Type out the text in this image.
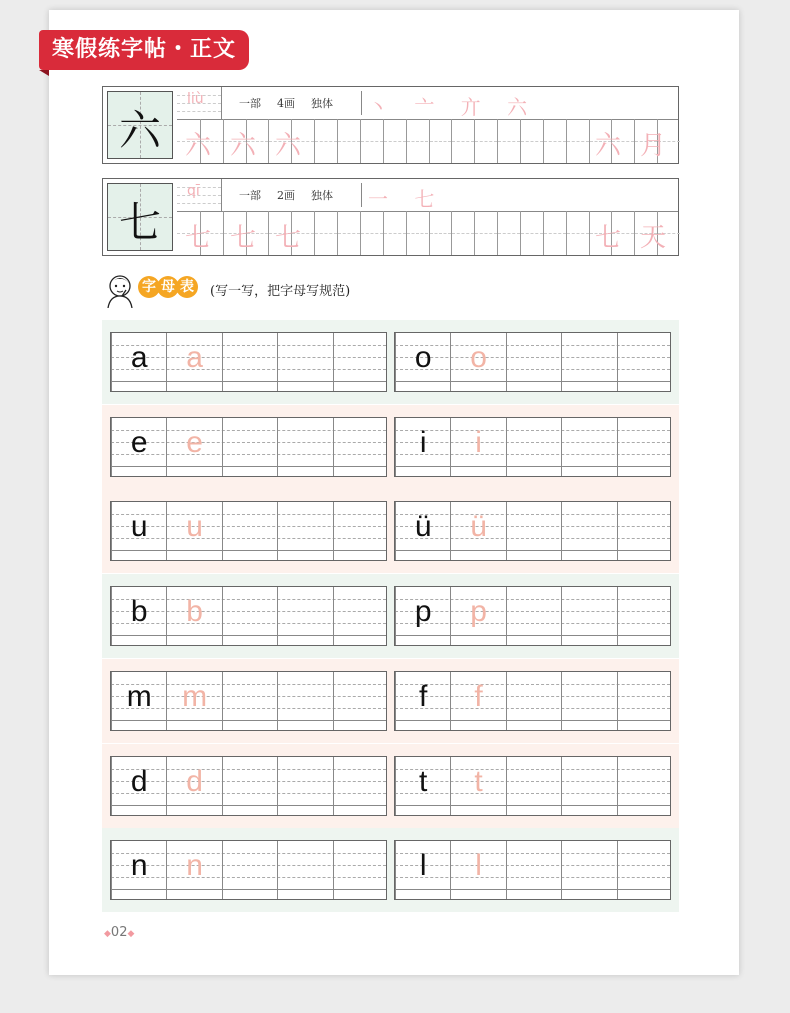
寒假练字帖・正文
六
liù	一部 4画 独体	丶 亠 亣 六
六 六 六	六 月
七
qī	一部 2画 独体	一 七
七 七 七	七 天
字 母 表 (写一写，把字母写规范)
a	a	o	o
e	e	i	i
u	u	ü	ü
b	b	p	p
m	m	f	f
d	d	t	t
n	n	l	l
◆02◆
